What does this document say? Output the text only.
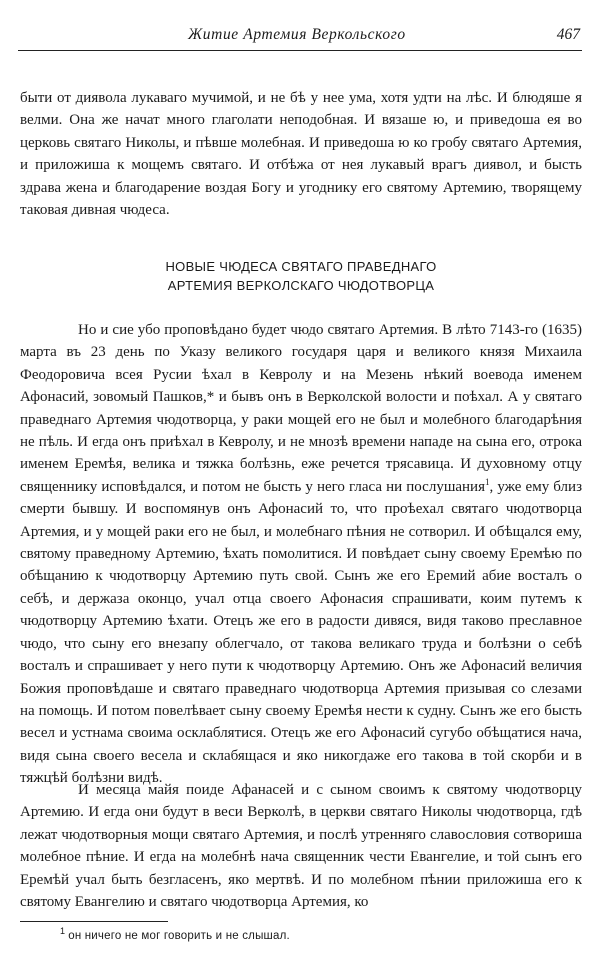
Житие Артемия Веркольского	467

быти от диявола лукаваго мучимой, и не бѣ у нее ума, хотя удти на лѣс. И блюдяше я велми. Она же начат много глаголати неподобная. И вязаше ю, и приведоша ея во церковь святаго Николы, и пѣвше молебная. И приведоша ю ко гробу святаго Артемия, и приложиша к мощемъ святаго. И отбѣжа от нея лукавый врагъ диявол, и бысть здрава жена и благодарение воздая Богу и угоднику его святому Артемию, творящему таковая дивная чюдеса.

НОВЫЕ ЧЮДЕСА СВЯТАГО ПРАВЕДНАГО
АРТЕМИЯ ВЕРКОЛСКАГО ЧЮДОТВОРЦА

Но и сие убо проповѣдано будет чюдо святаго Артемия. В лѣто 7143-го (1635) марта въ 23 день по Указу великого государя царя и великого князя Михаила Феодоровича всея Русии ѣхал в Кевролу и на Мезень нѣкий воевода именем Афонасий, зовомый Пашков,* и бывъ онъ в Верколской волости и поѣхал. А у святаго праведнаго Артемия чюдотворца, у раки мощей его не был и молебного благодарѣния не пѣль. И егда онъ приѣхал в Кевролу, и не мнозѣ времени нападе на сына его, отрока именем Еремѣя, велика и тяжка болѣзнь, еже речется трясавица. И духовному отцу священнику исповѣдался, и потом не бысть у него гласа ни послушания$^1$, уже ему близ смерти бывшу. И воспомянув онъ Афонасий то, что проѣехал святаго чюдотворца Артемия, и у мощей раки его не был, и молебнаго пѣния не сотворил. И обѣщался ему, святому праведному Артемию, ѣхать помолитися. И повѣдает сыну своему Еремѣю по обѣщанию к чюдотворцу Артемию путь свой. Сынъ же его Еремий абие восталъ о себѣ, и держаза оконцо, учал отца своего Афонасия спрашивати, коим путемъ к чюдотворцу Артемию ѣхати. Отецъ же его в радости дивяся, видя таково преславное чюдо, что сыну его внезапу облегчало, от такова великаго труда и болѣзни о себѣ восталъ и спрашивает у него пути к чюдотворцу Артемию. Онъ же Афонасий величия Божия проповѣдаше и святаго праведнаго чюдотворца Артемия призывая со слезами на помощь. И потом повелѣвает сыну своему Еремѣя нести к судну. Сынъ же его бысть весел и устнама своима осклаблятися. Отецъ же его Афонасий сугубо обѣщатися нача, видя сына своего весела и склабящася и яко никогдаже его такова в той скорби и в тяжцѣй болѣзни видѣ.

И месяца майя поиде Афанасей и с сыном своимъ к святому чюдотворцу Артемию. И егда они будут в веси Верколѣ, в церкви святаго Николы чюдотворца, гдѣ лежат чюдотворныя мощи святаго Артемия, и послѣ утренняго славословия сотвориша молебное пѣние. И егда на молебнѣ нача священник чести Евангелие, и той сынъ его Еремѣй учал быть безгласенъ, яко мертвѣ. И по молебном пѣнии приложиша его к святому Евангелию и святаго чюдотворца Артемия, ко

$^1$ он ничего не мог говорить и не слышал.
